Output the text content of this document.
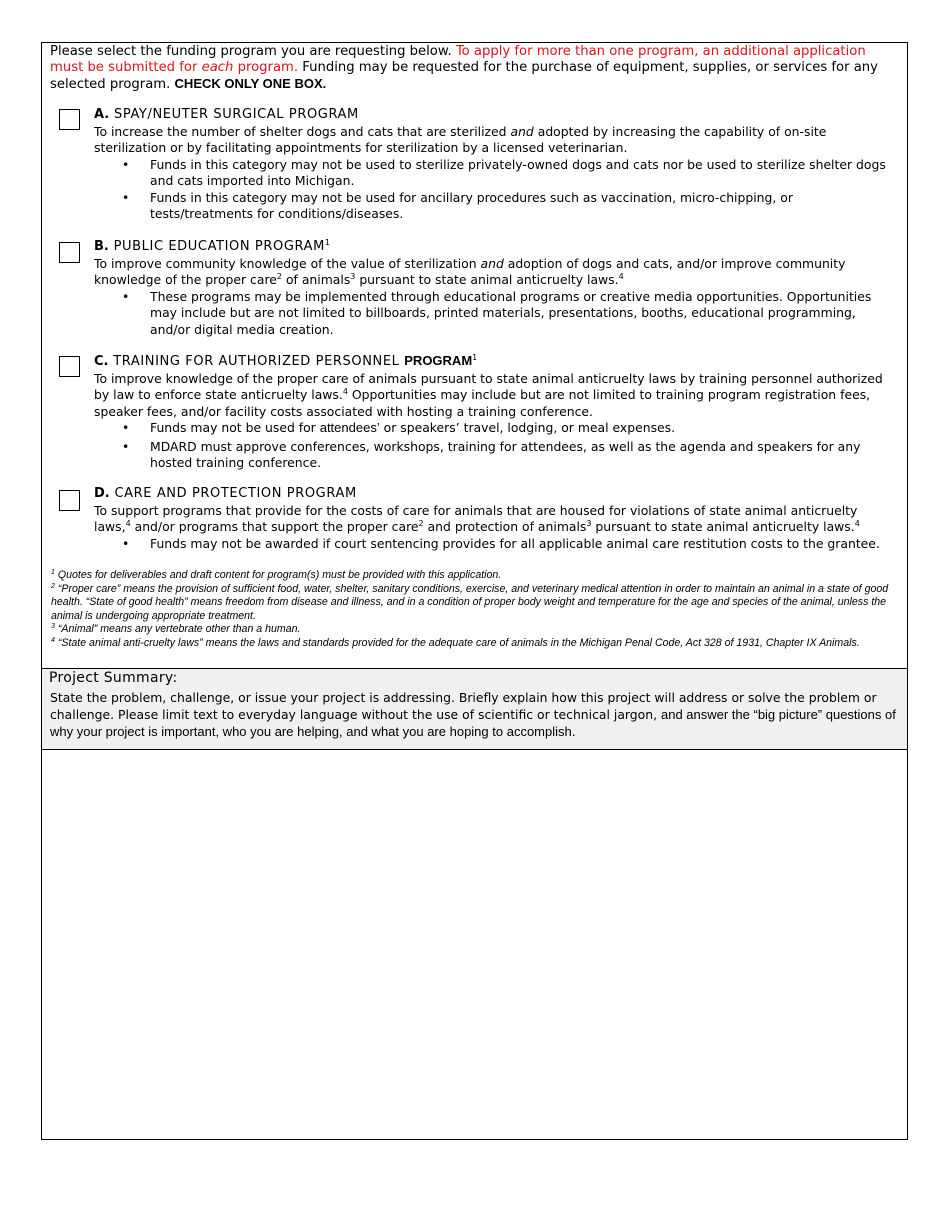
Please select the funding program you are requesting below. To apply for more than one program, an additional application must be submitted for each program. Funding may be requested for the purchase of equipment, supplies, or services for any selected program. CHECK ONLY ONE BOX.
A. SPAY/NEUTER SURGICAL PROGRAM
To increase the number of shelter dogs and cats that are sterilized and adopted by increasing the capability of on-site sterilization or by facilitating appointments for sterilization by a licensed veterinarian.
• Funds in this category may not be used to sterilize privately-owned dogs and cats nor be used to sterilize shelter dogs and cats imported into Michigan.
• Funds in this category may not be used for ancillary procedures such as vaccination, micro-chipping, or tests/treatments for conditions/diseases.
B. PUBLIC EDUCATION PROGRAM$^1$
To improve community knowledge of the value of sterilization and adoption of dogs and cats, and/or improve community knowledge of the proper care$^2$ of animals$^3$ pursuant to state animal anticruelty laws.$^4$
• These programs may be implemented through educational programs or creative media opportunities. Opportunities may include but are not limited to billboards, printed materials, presentations, booths, educational programming, and/or digital media creation.
C. TRAINING FOR AUTHORIZED PERSONNEL PROGRAM$^1$
To improve knowledge of the proper care of animals pursuant to state animal anticruelty laws by training personnel authorized by law to enforce state anticruelty laws.$^4$ Opportunities may include but are not limited to training program registration fees, speaker fees, and/or facility costs associated with hosting a training conference.
• Funds may not be used for attendees’ or speakers’ travel, lodging, or meal expenses.
• MDARD must approve conferences, workshops, training for attendees, as well as the agenda and speakers for any hosted training conference.
D. CARE AND PROTECTION PROGRAM
To support programs that provide for the costs of care for animals that are housed for violations of state animal anticruelty laws,$^4$ and/or programs that support the proper care$^2$ and protection of animals$^3$ pursuant to state animal anticruelty laws.$^4$
• Funds may not be awarded if court sentencing provides for all applicable animal care restitution costs to the grantee.
$^1$ Quotes for deliverables and draft content for program(s) must be provided with this application.
$^2$ “Proper care” means the provision of sufficient food, water, shelter, sanitary conditions, exercise, and veterinary medical attention in order to maintain an animal in a state of good health. “State of good health” means freedom from disease and illness, and in a condition of proper body weight and temperature for the age and species of the animal, unless the animal is undergoing appropriate treatment.
$^3$ “Animal” means any vertebrate other than a human.
$^4$ “State animal anti-cruelty laws” means the laws and standards provided for the adequate care of animals in the Michigan Penal Code, Act 328 of 1931, Chapter IX Animals.
Project Summary:
State the problem, challenge, or issue your project is addressing. Briefly explain how this project will address or solve the problem or challenge. Please limit text to everyday language without the use of scientific or technical jargon, and answer the “big picture” questions of why your project is important, who you are helping, and what you are hoping to accomplish.
